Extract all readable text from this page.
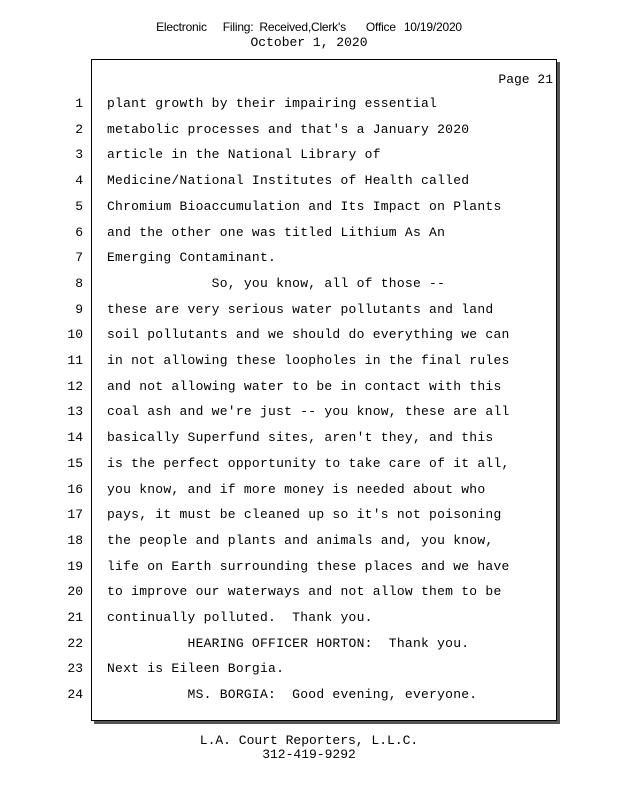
Electronic Filing: Received,Clerk's Office 10/19/2020
October 1, 2020
Page 21
1 plant growth by their impairing essential
2 metabolic processes and that's a January 2020
3 article in the National Library of
4 Medicine/National Institutes of Health called
5 Chromium Bioaccumulation and Its Impact on Plants
6 and the other one was titled Lithium As An
7 Emerging Contaminant.
8 So, you know, all of those --
9 these are very serious water pollutants and land
10 soil pollutants and we should do everything we can
11 in not allowing these loopholes in the final rules
12 and not allowing water to be in contact with this
13 coal ash and we're just -- you know, these are all
14 basically Superfund sites, aren't they, and this
15 is the perfect opportunity to take care of it all,
16 you know, and if more money is needed about who
17 pays, it must be cleaned up so it's not poisoning
18 the people and plants and animals and, you know,
19 life on Earth surrounding these places and we have
20 to improve our waterways and not allow them to be
21 continually polluted.  Thank you.
22 HEARING OFFICER HORTON:  Thank you.
23 Next is Eileen Borgia.
24 MS. BORGIA:  Good evening, everyone.
L.A. Court Reporters, L.L.C.
312-419-9292
